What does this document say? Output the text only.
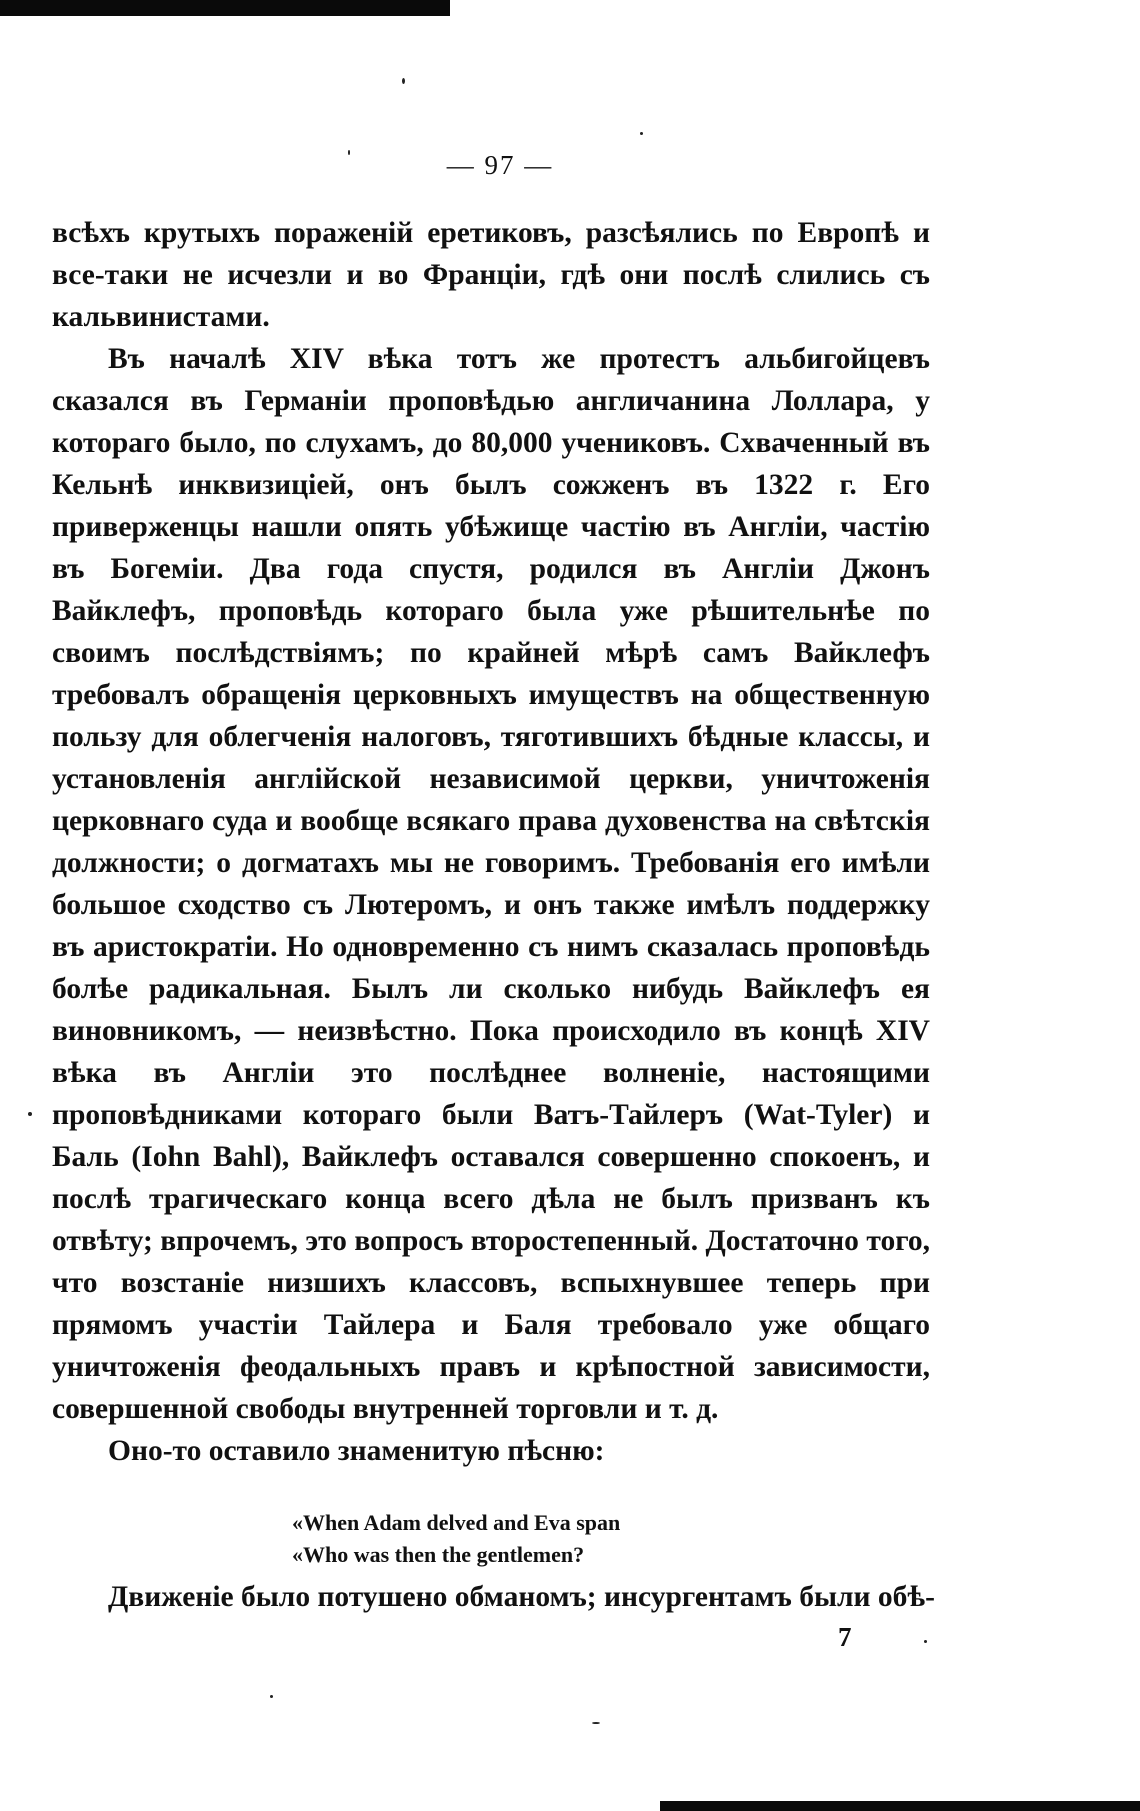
— 97 —

всѣхъ крутыхъ пораженій еретиковъ, разсѣялись по Европѣ и все-таки не исчезли и во Франціи, гдѣ они послѣ слились съ кальвинистами.

Въ началѣ XIV вѣка тотъ же протестъ альбигойцевъ сказался въ Германіи проповѣдью англичанина Лоллара, у котораго было, по слухамъ, до 80,000 учениковъ. Схваченный въ Кельнѣ инквизиціей, онъ былъ сожженъ въ 1322 г. Его приверженцы нашли опять убѣжище частію въ Англіи, частію въ Богеміи. Два года спустя, родился въ Англіи Джонъ Вайклефъ, проповѣдь котораго была уже рѣшительнѣе по своимъ послѣдствіямъ; по крайней мѣрѣ самъ Вайклефъ требовалъ обращенія церковныхъ имуществъ на общественную пользу для облегченія налоговъ, тяготившихъ бѣдные классы, и установленія англійской независимой церкви, уничтоженія церковнаго суда и вообще всякаго права духовенства на свѣтскія должности; о догматахъ мы не говоримъ. Требованія его имѣли большое сходство съ Лютеромъ, и онъ также имѣлъ поддержку въ аристократіи. Но одновременно съ нимъ сказалась проповѣдь болѣе радикальная. Былъ ли сколько нибудь Вайклефъ ея виновникомъ, — неизвѣстно. Пока происходило въ концѣ XIV вѣка въ Англіи это послѣднее волненіе, настоящими проповѣдниками котораго были Ватъ-Тайлеръ (Wat-Tyler) и Баль (Iohn Bahl), Вайклефъ оставался совершенно спокоенъ, и послѣ трагическаго конца всего дѣла не былъ призванъ къ отвѣту; впрочемъ, это вопросъ второстепенный. Достаточно того, что возстаніе низшихъ классовъ, вспыхнувшее теперь при прямомъ участіи Тайлера и Баля требовало уже общаго уничтоженія феодальныхъ правъ и крѣпостной зависимости, совершенной свободы внутренней торговли и т. д.

Оно-то оставило знаменитую пѣсню:

«When Adam delved and Eva span
«Who was then the gentlemen?
Движеніе было потушено обманомъ; инсургентамъ были обѣ-
7
